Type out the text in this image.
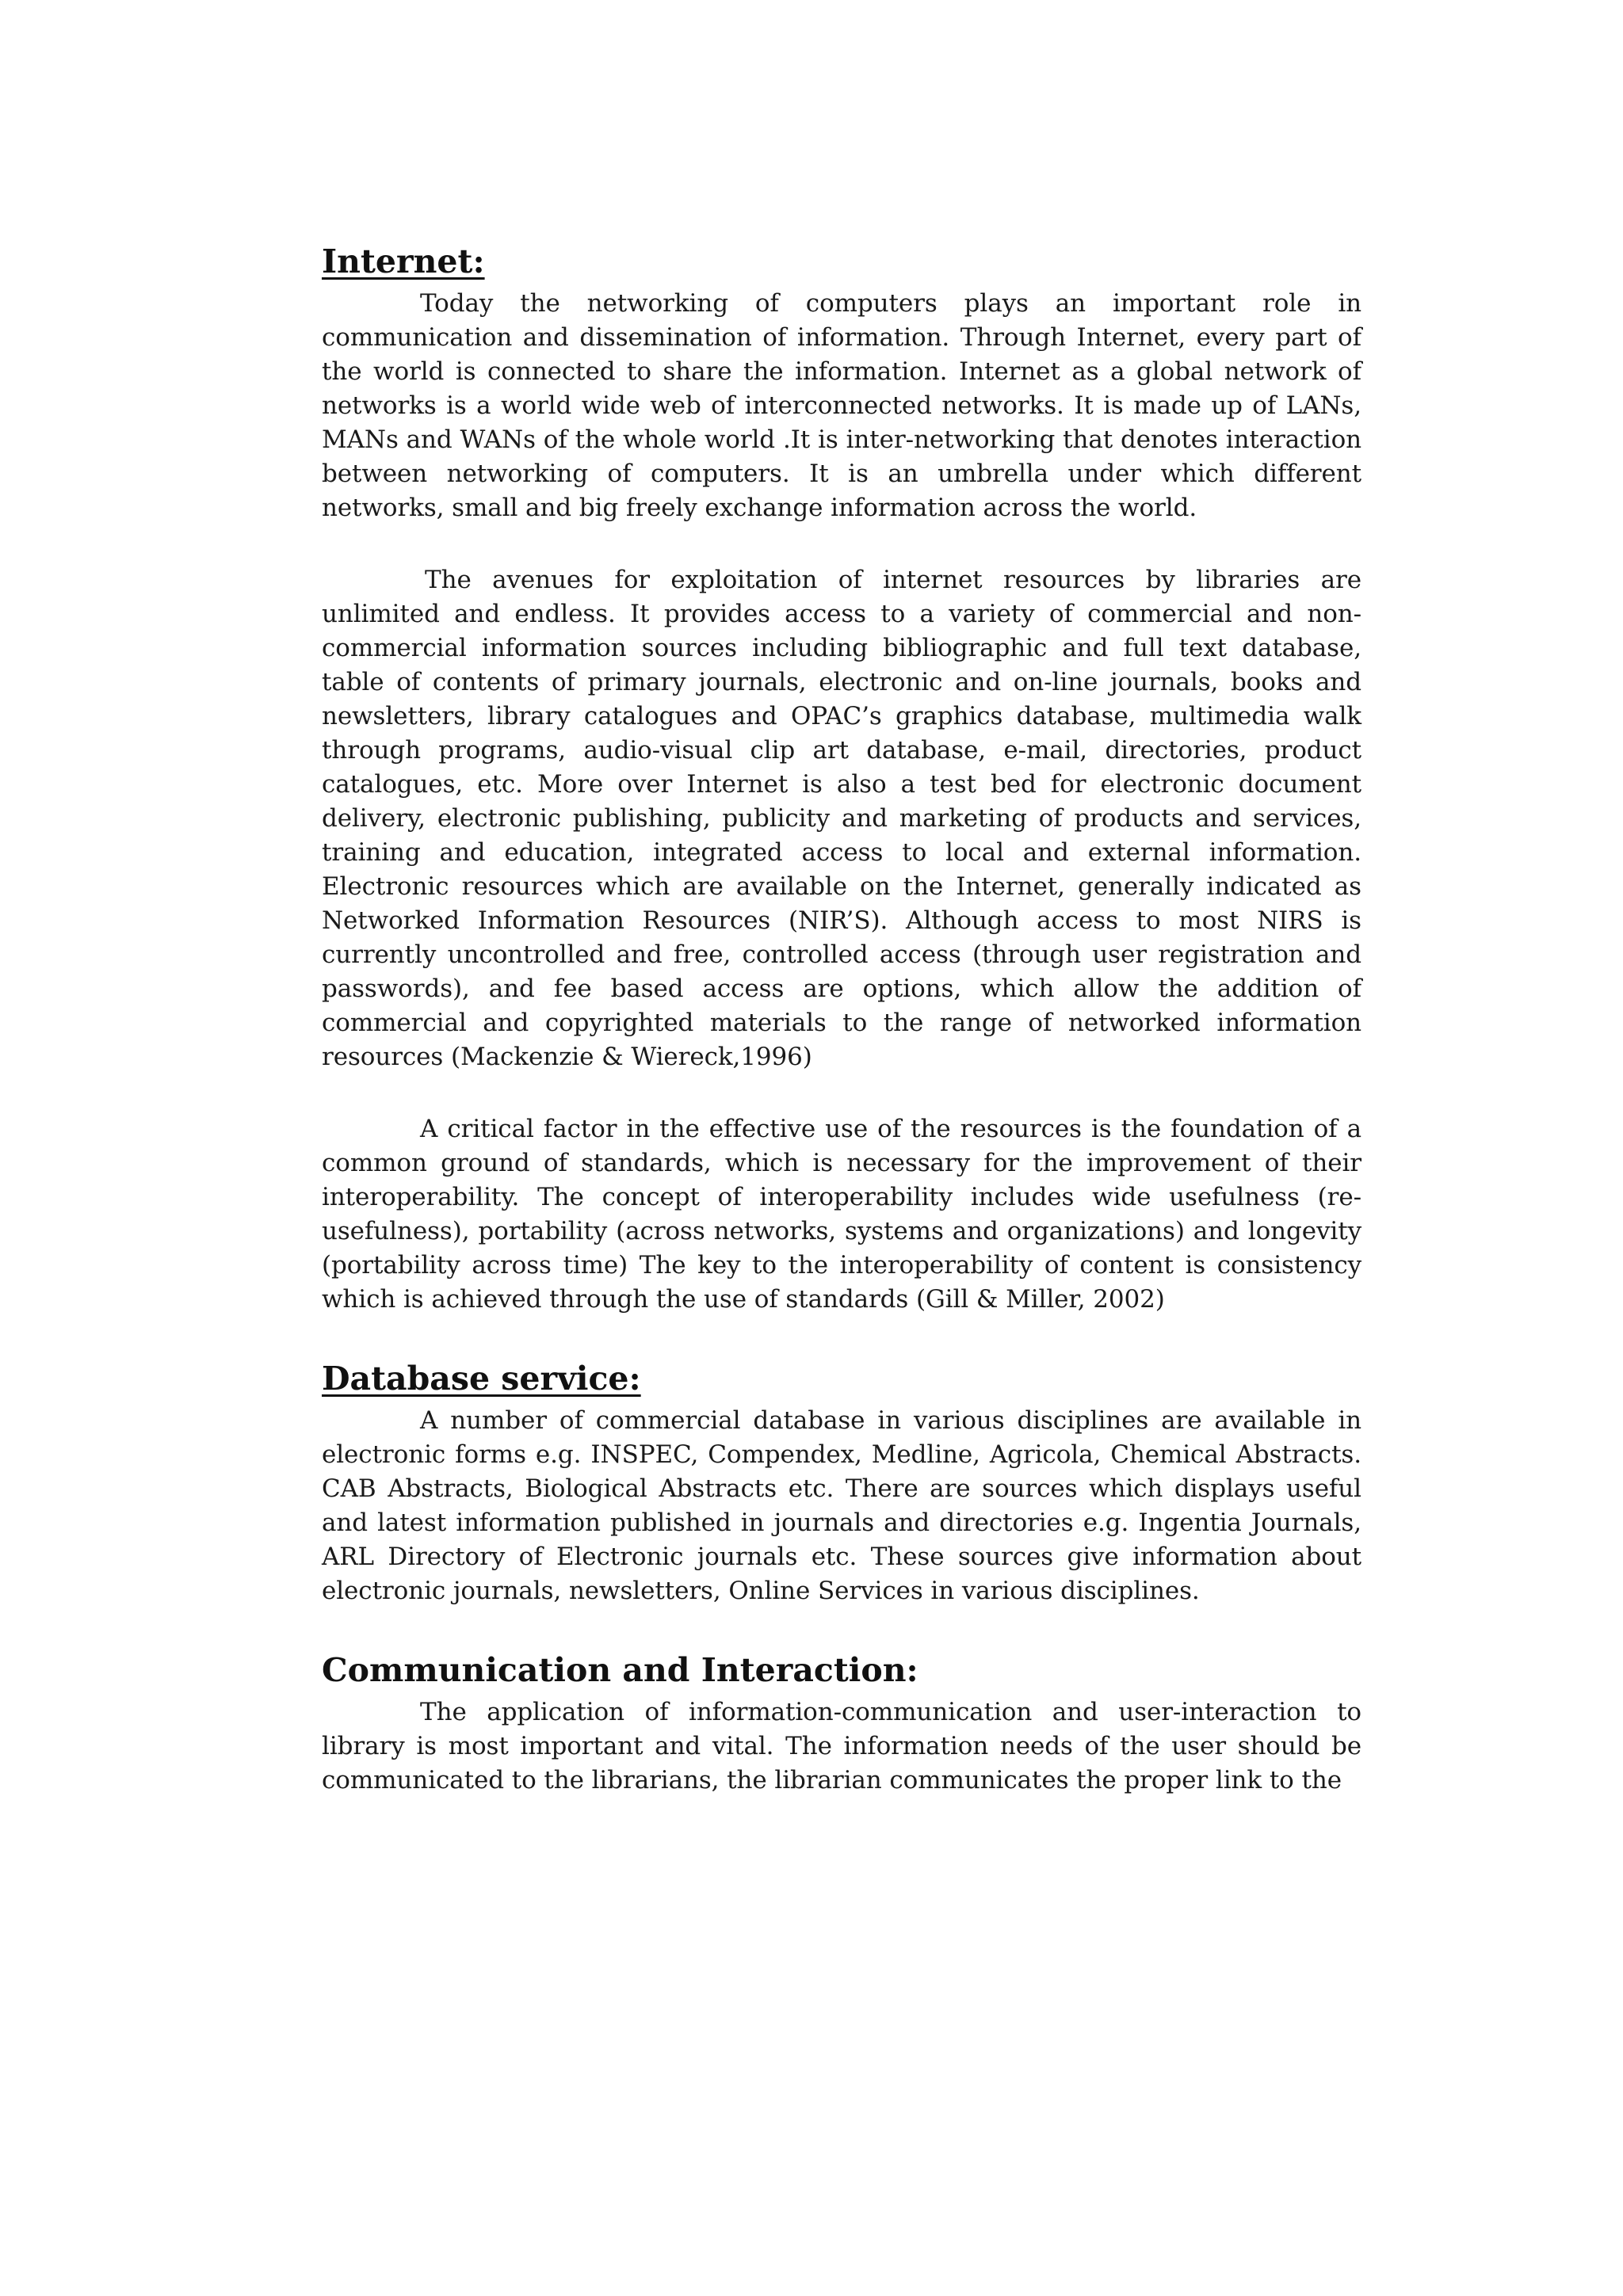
Internet:

Today the networking of computers plays an important role in communication and dissemination of information. Through Internet, every part of the world is connected to share the information. Internet as a global network of networks is a world wide web of interconnected networks. It is made up of LANs, MANs and WANs of the whole world .It is inter-networking that denotes interaction between networking of computers. It is an umbrella under which different networks, small and big freely exchange information across the world.

The avenues for exploitation of internet resources by libraries are unlimited and endless. It provides access to a variety of commercial and non-commercial information sources including bibliographic and full text database, table of contents of primary journals, electronic and on-line journals, books and newsletters, library catalogues and OPAC’s graphics database, multimedia walk through programs, audio-visual clip art database, e-mail, directories, product catalogues, etc. More over Internet is also a test bed for electronic document delivery, electronic publishing, publicity and marketing of products and services, training and education, integrated access to local and external information. Electronic resources which are available on the Internet, generally indicated as Networked Information Resources (NIR’S). Although access to most NIRS is currently uncontrolled and free, controlled access (through user registration and passwords), and fee based access are options, which allow the addition of commercial and copyrighted materials to the range of networked information resources (Mackenzie & Wiereck,1996)

A critical factor in the effective use of the resources is the foundation of a common ground of standards, which is necessary for the improvement of their interoperability. The concept of interoperability includes wide usefulness (re-usefulness), portability (across networks, systems and organizations) and longevity (portability across time) The key to the interoperability of content is consistency which is achieved through the use of standards (Gill & Miller, 2002)

Database service:

A number of commercial database in various disciplines are available in electronic forms e.g. INSPEC, Compendex, Medline, Agricola, Chemical Abstracts. CAB Abstracts, Biological Abstracts etc. There are sources which displays useful and latest information published in journals and directories e.g. Ingentia Journals, ARL Directory of Electronic journals etc. These sources give information about electronic journals, newsletters, Online Services in various disciplines.

Communication and Interaction:

The application of information-communication and user-interaction to library is most important and vital. The information needs of the user should be communicated to the librarians, the librarian communicates the proper link to the
